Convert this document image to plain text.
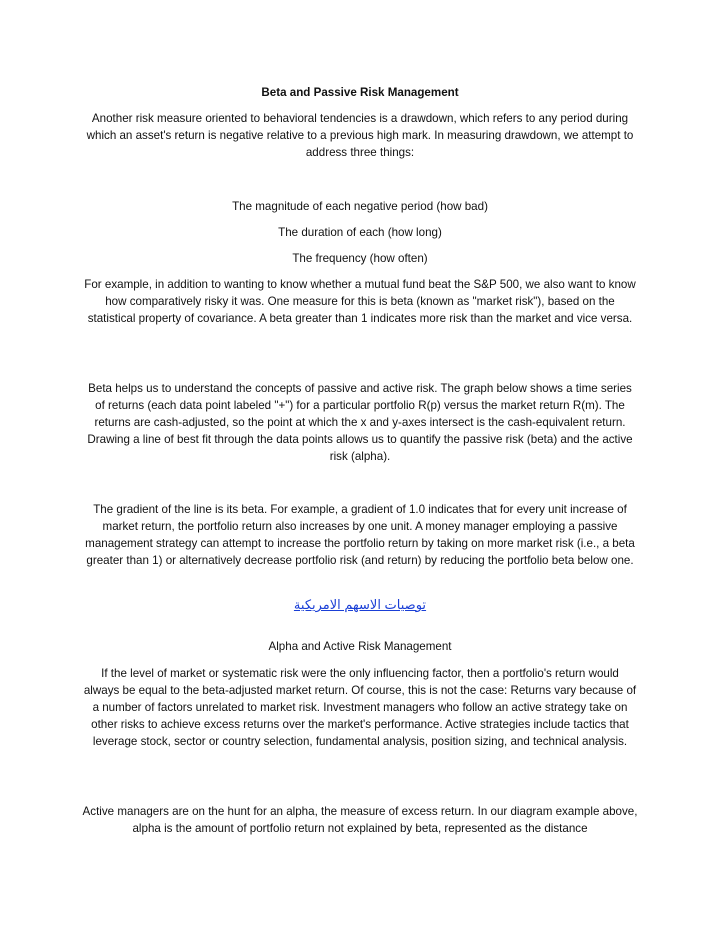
Beta and Passive Risk Management

Another risk measure oriented to behavioral tendencies is a drawdown, which refers to any period during which an asset's return is negative relative to a previous high mark. In measuring drawdown, we attempt to address three things:

The magnitude of each negative period (how bad)

The duration of each (how long)

The frequency (how often)

For example, in addition to wanting to know whether a mutual fund beat the S&P 500, we also want to know how comparatively risky it was. One measure for this is beta (known as "market risk"), based on the statistical property of covariance. A beta greater than 1 indicates more risk than the market and vice versa.

Beta helps us to understand the concepts of passive and active risk. The graph below shows a time series of returns (each data point labeled "+") for a particular portfolio R(p) versus the market return R(m). The returns are cash-adjusted, so the point at which the x and y-axes intersect is the cash-equivalent return. Drawing a line of best fit through the data points allows us to quantify the passive risk (beta) and the active risk (alpha).

The gradient of the line is its beta. For example, a gradient of 1.0 indicates that for every unit increase of market return, the portfolio return also increases by one unit. A money manager employing a passive management strategy can attempt to increase the portfolio return by taking on more market risk (i.e., a beta greater than 1) or alternatively decrease portfolio risk (and return) by reducing the portfolio beta below one.

توصيات الاسهم الامريكية

Alpha and Active Risk Management

If the level of market or systematic risk were the only influencing factor, then a portfolio's return would always be equal to the beta-adjusted market return. Of course, this is not the case: Returns vary because of a number of factors unrelated to market risk. Investment managers who follow an active strategy take on other risks to achieve excess returns over the market's performance. Active strategies include tactics that leverage stock, sector or country selection, fundamental analysis, position sizing, and technical analysis.

Active managers are on the hunt for an alpha, the measure of excess return. In our diagram example above, alpha is the amount of portfolio return not explained by beta, represented as the distance
